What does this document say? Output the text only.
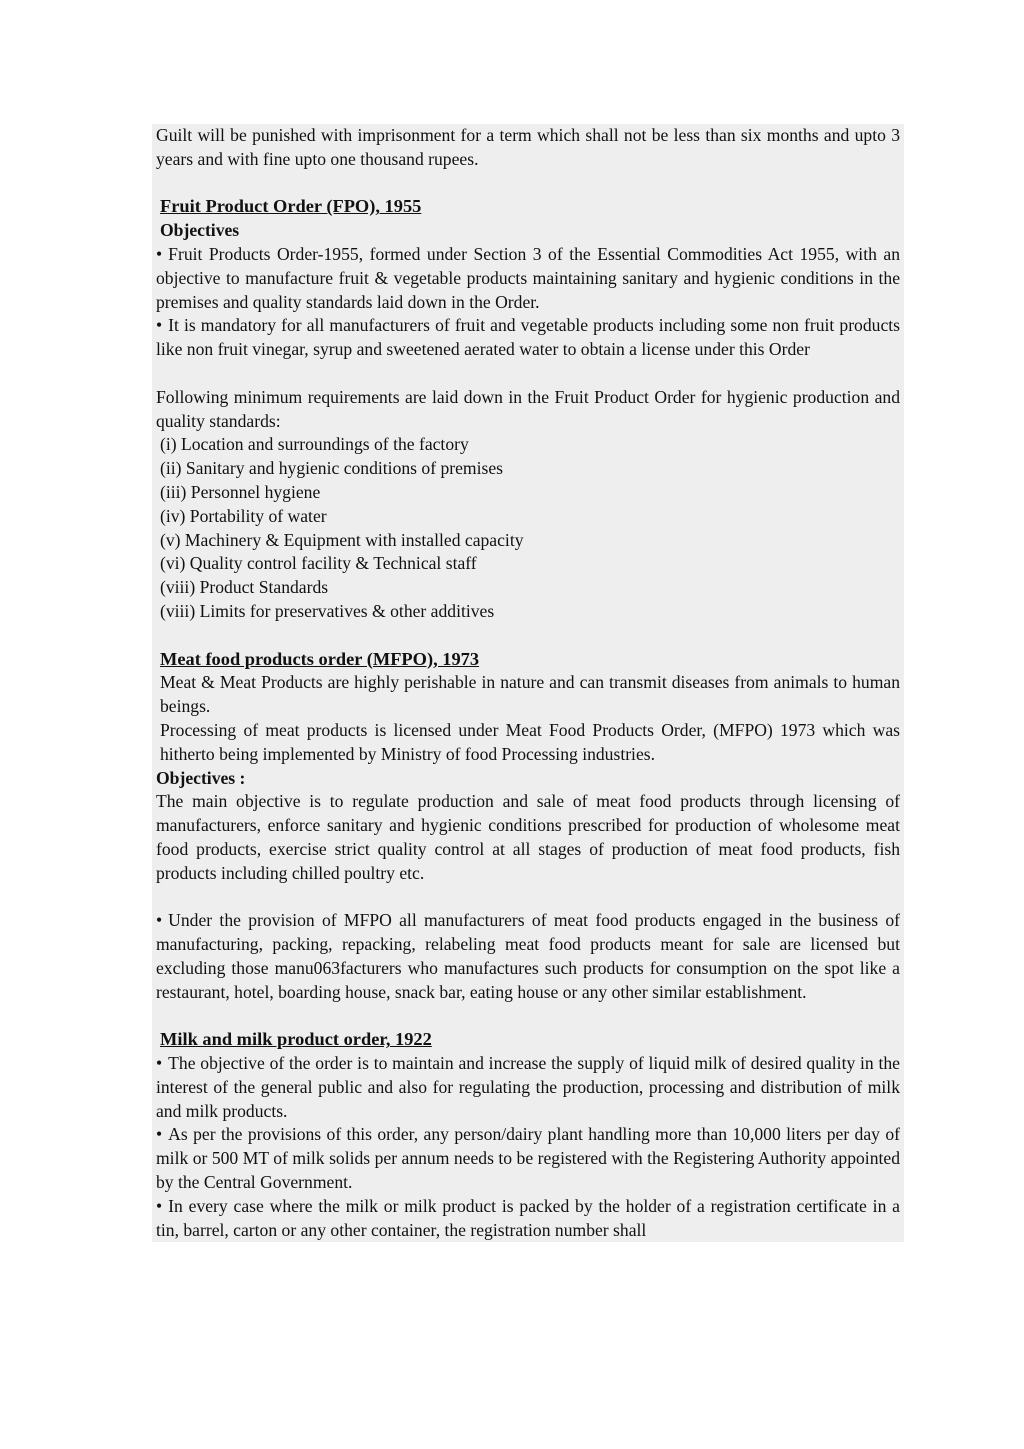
Guilt will be punished with imprisonment for a term which shall not be less than six months and upto 3 years and with fine upto one thousand rupees.
Fruit Product Order (FPO), 1955
Objectives
• Fruit Products Order-1955, formed under Section 3 of the Essential Commodities Act 1955, with an objective to manufacture fruit & vegetable products maintaining sanitary and hygienic conditions in the premises and quality standards laid down in the Order.
• It is mandatory for all manufacturers of fruit and vegetable products including some non fruit products like non fruit vinegar, syrup and sweetened aerated water to obtain a license under this Order
Following minimum requirements are laid down in the Fruit Product Order for hygienic production and quality standards:
(i) Location and surroundings of the factory
(ii) Sanitary and hygienic conditions of premises
(iii) Personnel hygiene
(iv) Portability of water
(v) Machinery & Equipment with installed capacity
(vi) Quality control facility & Technical staff
(viii) Product Standards
(viii) Limits for preservatives & other additives
Meat food products order (MFPO), 1973
Meat & Meat Products are highly perishable in nature and can transmit diseases from animals to human beings.
Processing of meat products is licensed under Meat Food Products Order, (MFPO) 1973 which was hitherto being implemented by Ministry of food Processing industries.
Objectives :
The main objective is to regulate production and sale of meat food products through licensing of manufacturers, enforce sanitary and hygienic conditions prescribed for production of wholesome meat food products, exercise strict quality control at all stages of production of meat food products, fish products including chilled poultry etc.
• Under the provision of MFPO all manufacturers of meat food products engaged in the business of manufacturing, packing, repacking, relabeling meat food products meant for sale are licensed but excluding those manu063facturers who manufactures such products for consumption on the spot like a restaurant, hotel, boarding house, snack bar, eating house or any other similar establishment.
Milk and milk product order, 1922
• The objective of the order is to maintain and increase the supply of liquid milk of desired quality in the interest of the general public and also for regulating the production, processing and distribution of milk and milk products.
• As per the provisions of this order, any person/dairy plant handling more than 10,000 liters per day of milk or 500 MT of milk solids per annum needs to be registered with the Registering Authority appointed by the Central Government.
• In every case where the milk or milk product is packed by the holder of a registration certificate in a tin, barrel, carton or any other container, the registration number shall
